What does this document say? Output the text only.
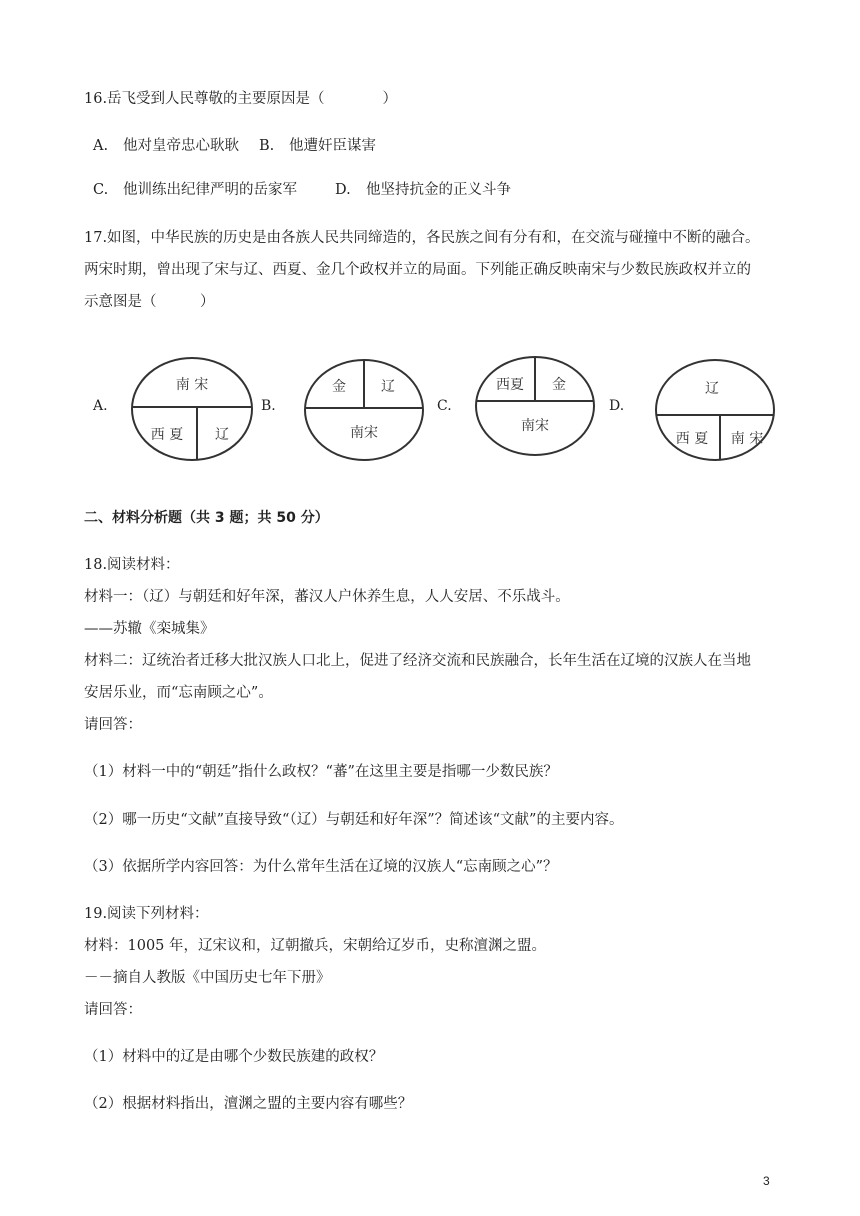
16.岳飞受到人民尊敬的主要原因是（　　　　）
A. 他对皇帝忠心耿耿 B. 他遭奸臣谋害
C. 他训练出纪律严明的岳家军	D. 他坚持抗金的正义斗争
17.如图，中华民族的历史是由各族人民共同缔造的，各民族之间有分有和，在交流与碰撞中不断的融合。
两宋时期，曾出现了宋与辽、西夏、金几个政权并立的局面。下列能正确反映南宋与少数民族政权并立的
示意图是（　　　）
A.
南 宋
西 夏 辽
B.
金	辽
南宋
C.
西夏 金
南宋
D.
辽
西 夏 南 宋
二、材料分析题（共 3 题；共 50 分）
18.阅读材料：
材料一：（辽）与朝廷和好年深，蕃汉人户休养生息，人人安居、不乐战斗。
——苏辙《栾城集》
材料二：辽统治者迁移大批汉族人口北上，促进了经济交流和民族融合，长年生活在辽境的汉族人在当地
安居乐业，而“忘南顾之心”。
请回答：
（1）材料一中的“朝廷”指什么政权？“蕃”在这里主要是指哪一少数民族？
（2）哪一历史“文献”直接导致“（辽）与朝廷和好年深”？简述该“文献”的主要内容。
（3）依据所学内容回答：为什么常年生活在辽境的汉族人“忘南顾之心”？
19.阅读下列材料：
材料：1005 年，辽宋议和，辽朝撤兵，宋朝给辽岁币，史称澶渊之盟。
－－摘自人教版《中国历史七年下册》
请回答：
（1）材料中的辽是由哪个少数民族建的政权？
（2）根据材料指出，澶渊之盟的主要内容有哪些？
3
